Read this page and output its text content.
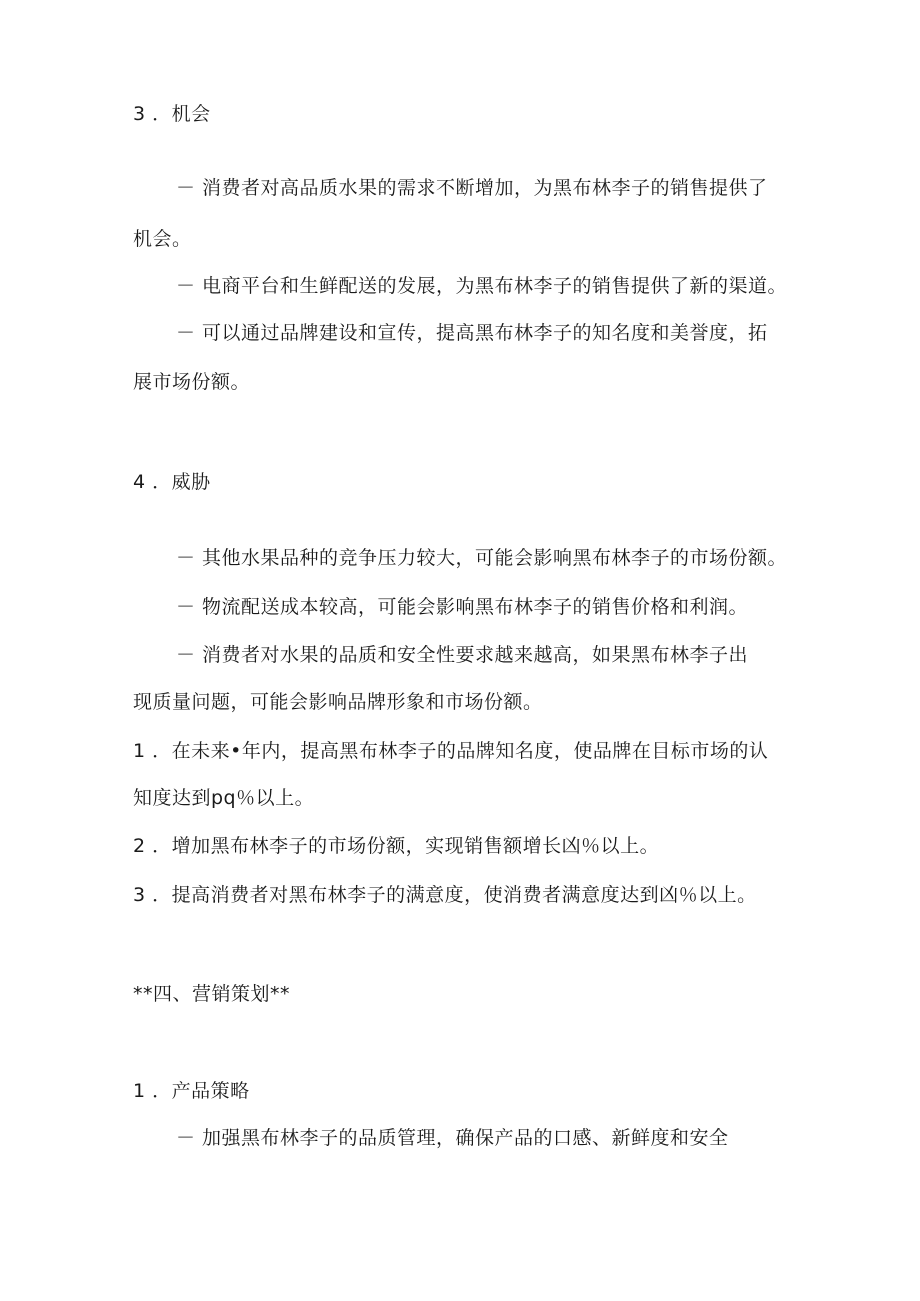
3 ．机会
－ 消费者对高品质水果的需求不断增加，为黑布林李子的销售提供了
机会。
－ 电商平台和生鲜配送的发展，为黑布林李子的销售提供了新的渠道。
－ 可以通过品牌建设和宣传，提高黑布林李子的知名度和美誉度，拓
展市场份额。
4 ．威胁
－ 其他水果品种的竞争压力较大，可能会影响黑布林李子的市场份额。
－ 物流配送成本较高，可能会影响黑布林李子的销售价格和利润。
－ 消费者对水果的品质和安全性要求越来越高，如果黑布林李子出
现质量问题，可能会影响品牌形象和市场份额。
1 ．在未来•年内，提高黑布林李子的品牌知名度，使品牌在目标市场的认
知度达到pq％以上。
2 ．增加黑布林李子的市场份额，实现销售额增长凶％以上。
3 ．提高消费者对黑布林李子的满意度，使消费者满意度达到凶％以上。
**四、营销策划**
1 ．产品策略
－ 加强黑布林李子的品质管理，确保产品的口感、新鲜度和安全
